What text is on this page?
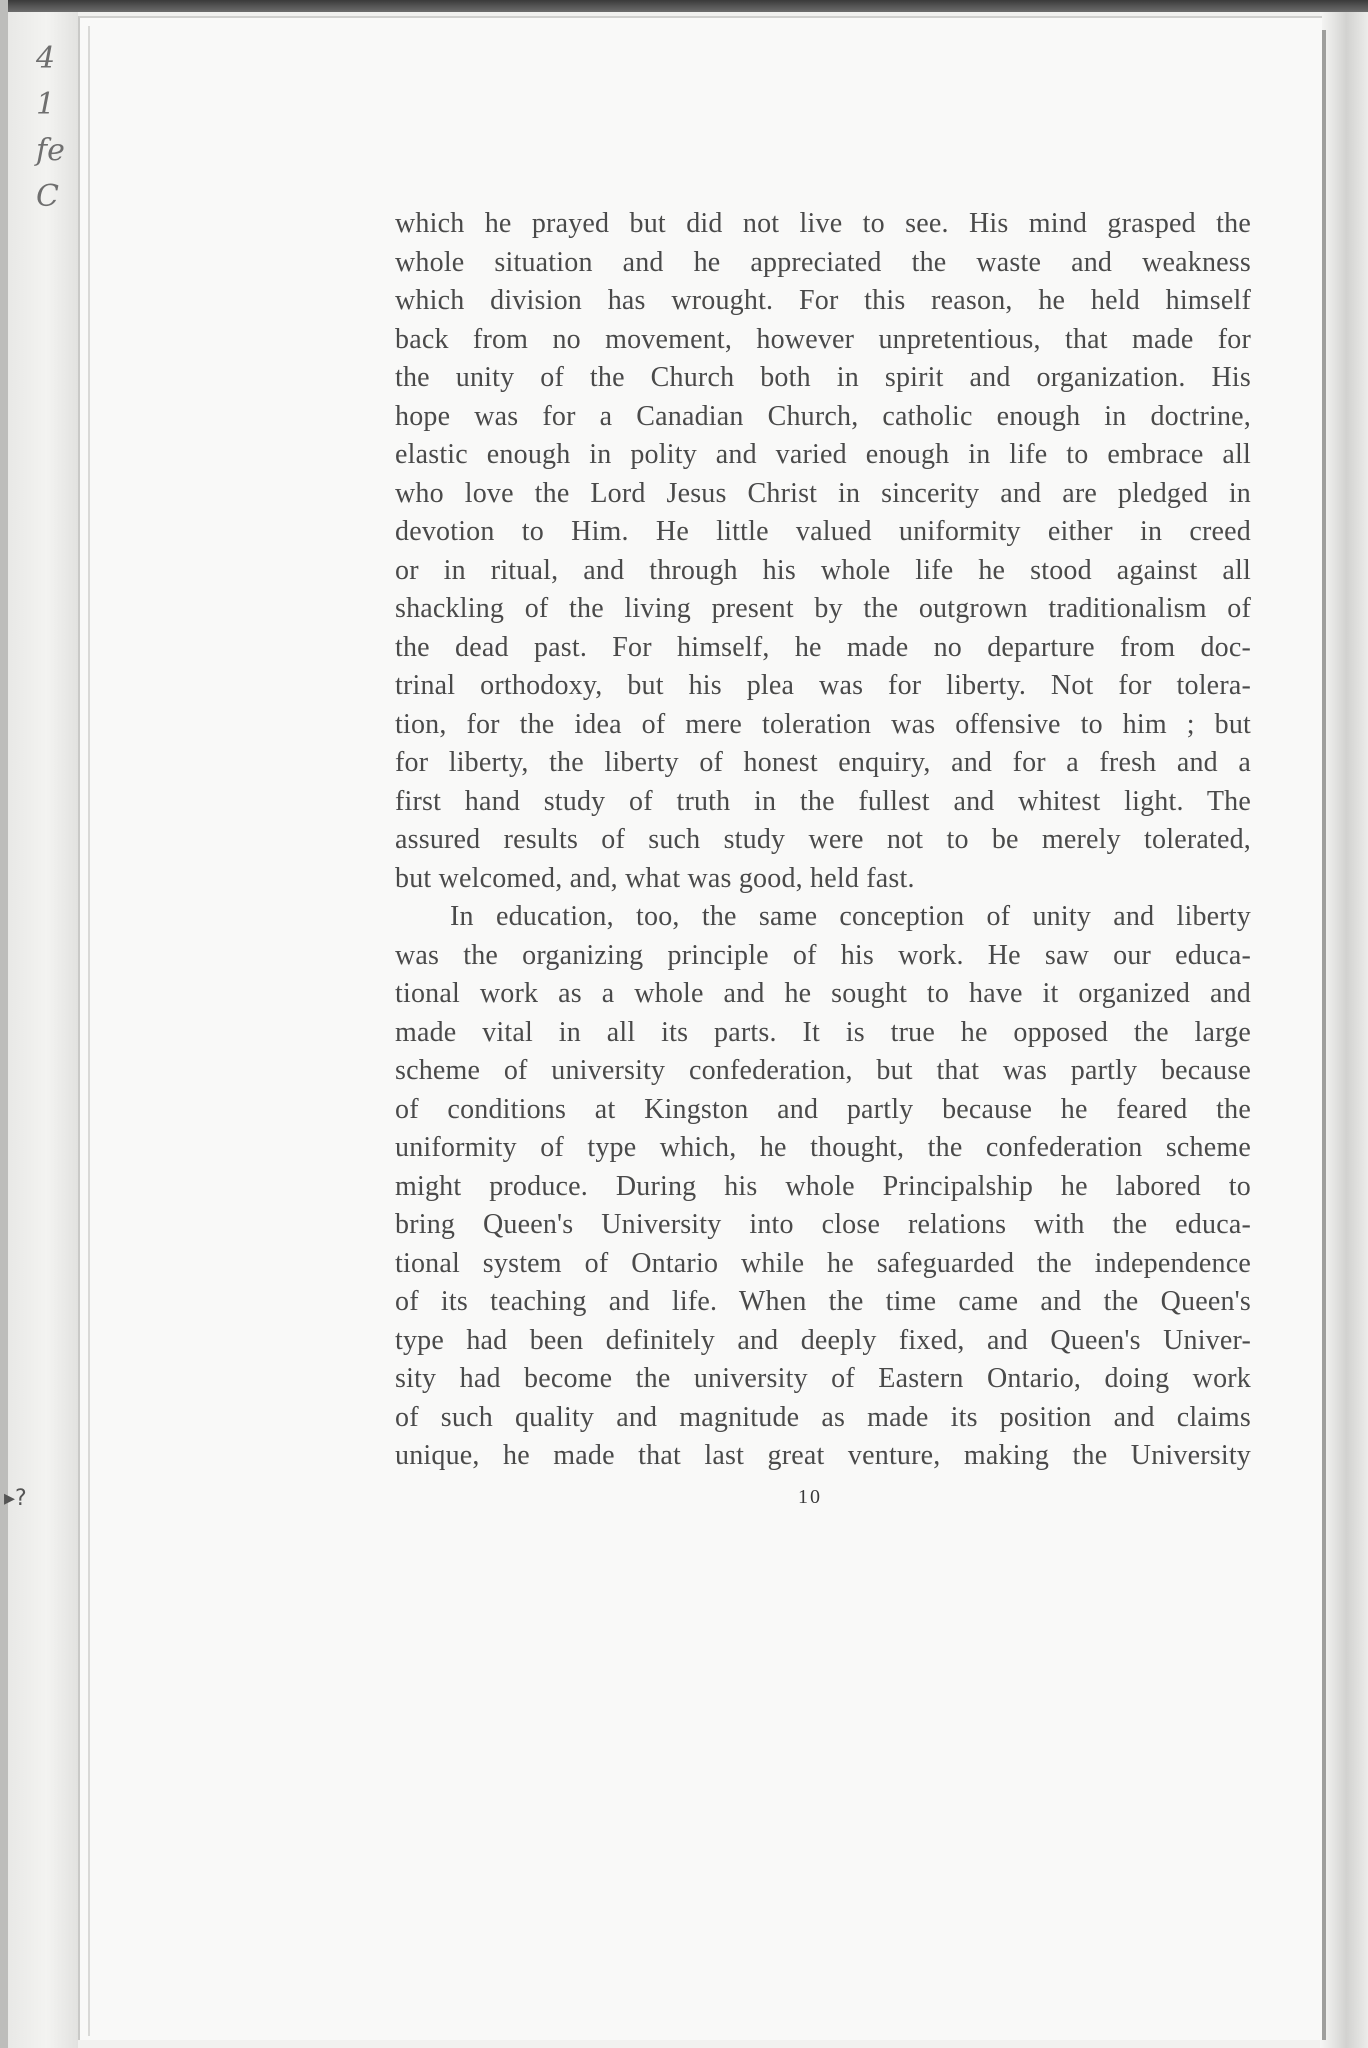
4
1
fe
C
▸?
which he prayed but did not live to see. His mind grasped the
whole situation and he appreciated the waste and weakness
which division has wrought. For this reason, he held himself
back from no movement, however unpretentious, that made for
the unity of the Church both in spirit and organization. His
hope was for a Canadian Church, catholic enough in doctrine,
elastic enough in polity and varied enough in life to embrace all
who love the Lord Jesus Christ in sincerity and are pledged in
devotion to Him. He little valued uniformity either in creed
or in ritual, and through his whole life he stood against all
shackling of the living present by the outgrown traditionalism of
the dead past. For himself, he made no departure from doc-
trinal orthodoxy, but his plea was for liberty. Not for tolera-
tion, for the idea of mere toleration was offensive to him ; but
for liberty, the liberty of honest enquiry, and for a fresh and a
first hand study of truth in the fullest and whitest light. The
assured results of such study were not to be merely tolerated,
but welcomed, and, what was good, held fast.
In education, too, the same conception of unity and liberty
was the organizing principle of his work. He saw our educa-
tional work as a whole and he sought to have it organized and
made vital in all its parts. It is true he opposed the large
scheme of university confederation, but that was partly because
of conditions at Kingston and partly because he feared the
uniformity of type which, he thought, the confederation scheme
might produce. During his whole Principalship he labored to
bring Queen's University into close relations with the educa-
tional system of Ontario while he safeguarded the independence
of its teaching and life. When the time came and the Queen's
type had been definitely and deeply fixed, and Queen's Univer-
sity had become the university of Eastern Ontario, doing work
of such quality and magnitude as made its position and claims
unique, he made that last great venture, making the University
10
